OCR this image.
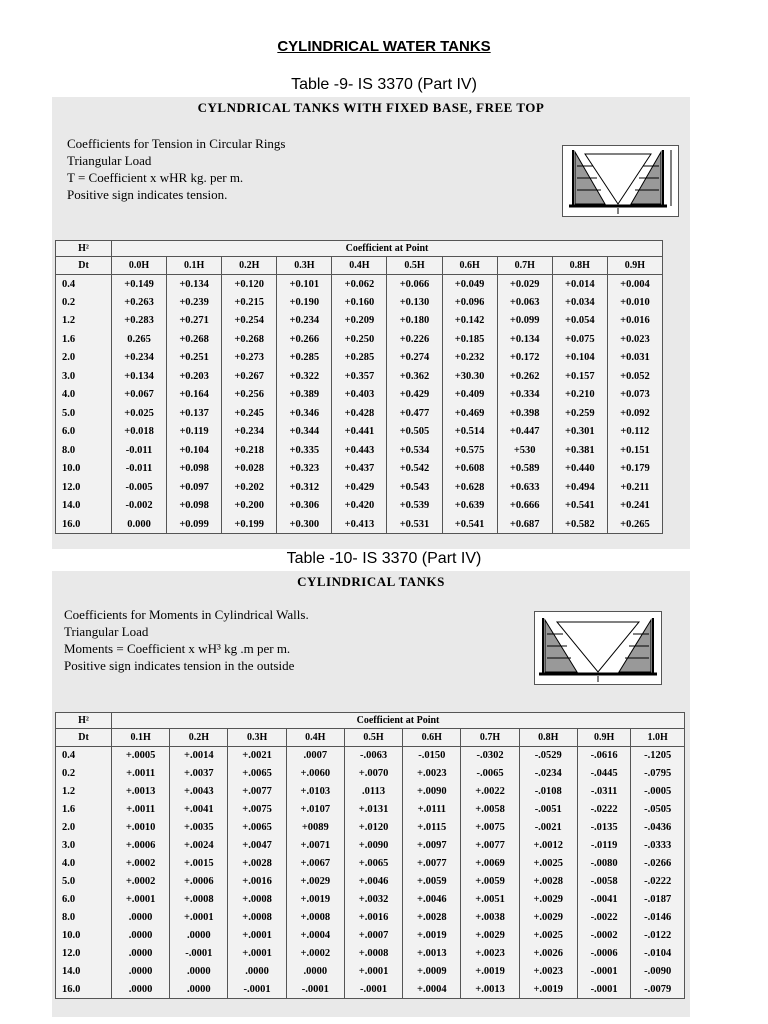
CYLINDRICAL WATER TANKS
Table -9- IS 3370 (Part IV)
CYLNDRICAL TANKS WITH FIXED BASE, FREE TOP
Coefficients for Tension in Circular Rings
Triangular Load
T = Coefficient x wHR kg. per m.
Positive sign indicates tension.
H²	Coefficient at Point									
Dt	0.0H	0.1H	0.2H	0.3H	0.4H	0.5H	0.6H	0.7H	0.8H	0.9H
0.4	+0.149	+0.134	+0.120	+0.101	+0.062	+0.066	+0.049	+0.029	+0.014	+0.004
0.2	+0.263	+0.239	+0.215	+0.190	+0.160	+0.130	+0.096	+0.063	+0.034	+0.010
1.2	+0.283	+0.271	+0.254	+0.234	+0.209	+0.180	+0.142	+0.099	+0.054	+0.016
1.6	0.265	+0.268	+0.268	+0.266	+0.250	+0.226	+0.185	+0.134	+0.075	+0.023
2.0	+0.234	+0.251	+0.273	+0.285	+0.285	+0.274	+0.232	+0.172	+0.104	+0.031
3.0	+0.134	+0.203	+0.267	+0.322	+0.357	+0.362	+30.30	+0.262	+0.157	+0.052
4.0	+0.067	+0.164	+0.256	+0.389	+0.403	+0.429	+0.409	+0.334	+0.210	+0.073
5.0	+0.025	+0.137	+0.245	+0.346	+0.428	+0.477	+0.469	+0.398	+0.259	+0.092
6.0	+0.018	+0.119	+0.234	+0.344	+0.441	+0.505	+0.514	+0.447	+0.301	+0.112
8.0	-0.011	+0.104	+0.218	+0.335	+0.443	+0.534	+0.575	+530	+0.381	+0.151
10.0	-0.011	+0.098	+0.028	+0.323	+0.437	+0.542	+0.608	+0.589	+0.440	+0.179
12.0	-0.005	+0.097	+0.202	+0.312	+0.429	+0.543	+0.628	+0.633	+0.494	+0.211
14.0	-0.002	+0.098	+0.200	+0.306	+0.420	+0.539	+0.639	+0.666	+0.541	+0.241
16.0	0.000	+0.099	+0.199	+0.300	+0.413	+0.531	+0.541	+0.687	+0.582	+0.265
Table -10- IS 3370 (Part IV)
CYLINDRICAL TANKS
Coefficients for Moments in Cylindrical Walls.
Triangular Load
Moments = Coefficient x wH³ kg .m per m.
Positive sign indicates tension in the outside
H²	Coefficient at Point									
Dt	0.1H	0.2H	0.3H	0.4H	0.5H	0.6H	0.7H	0.8H	0.9H	1.0H
0.4	+.0005	+.0014	+.0021	.0007	-.0063	-.0150	-.0302	-.0529	-.0616	-.1205
0.2	+.0011	+.0037	+.0065	+.0060	+.0070	+.0023	-.0065	-.0234	-.0445	-.0795
1.2	+.0013	+.0043	+.0077	+.0103	.0113	+.0090	+.0022	-.0108	-.0311	-.0005
1.6	+.0011	+.0041	+.0075	+.0107	+.0131	+.0111	+.0058	-.0051	-.0222	-.0505
2.0	+.0010	+.0035	+.0065	+0089	+.0120	+.0115	+.0075	-.0021	-.0135	-.0436
3.0	+.0006	+.0024	+.0047	+.0071	+.0090	+.0097	+.0077	+.0012	-.0119	-.0333
4.0	+.0002	+.0015	+.0028	+.0067	+.0065	+.0077	+.0069	+.0025	-.0080	-.0266
5.0	+.0002	+.0006	+.0016	+.0029	+.0046	+.0059	+.0059	+.0028	-.0058	-.0222
6.0	+.0001	+.0008	+.0008	+.0019	+.0032	+.0046	+.0051	+.0029	-.0041	-.0187
8.0	.0000	+.0001	+.0008	+.0008	+.0016	+.0028	+.0038	+.0029	-.0022	-.0146
10.0	.0000	.0000	+.0001	+.0004	+.0007	+.0019	+.0029	+.0025	-.0002	-.0122
12.0	.0000	-.0001	+.0001	+.0002	+.0008	+.0013	+.0023	+.0026	-.0006	-.0104
14.0	.0000	.0000	.0000	.0000	+.0001	+.0009	+.0019	+.0023	-.0001	-.0090
16.0	.0000	.0000	-.0001	-.0001	-.0001	+.0004	+.0013	+.0019	-.0001	-.0079
